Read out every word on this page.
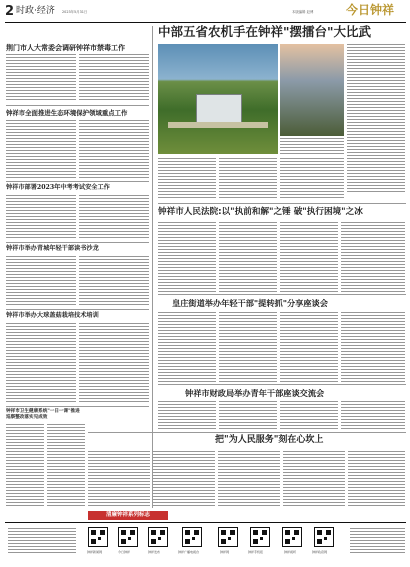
2 时政·经济 2023年5月31日	本版编辑 赵博	今日钟祥
荆门市人大常委会调研钟祥市禁毒工作
钟祥市全面推进生态环境保护领域重点工作
钟祥市部署2023年中考考试安全工作
钟祥市举办青城年轻干部读书沙龙
钟祥市举办大球盖菇栽培技术培训
钟祥市卫生健康系统"一日一课"推进巡察整改落实见成效
中部五省农机手在钟祥"摆擂台"大比武
钟祥市人民法院:以"执前和解"之锤 破"执行困境"之冰
皇庄街道举办年轻干部"提转抓"分享座谈会
钟祥市财政局举办青年干部座谈交流会
把"为人民服务"刻在心坎上
清廉钟祥系列标志
钟祥新闻网	今日钟祥	钟祥发布	钟祥广播电视台	钟祥网	钟祥手机报	钟祥视听	钟祥政府网
